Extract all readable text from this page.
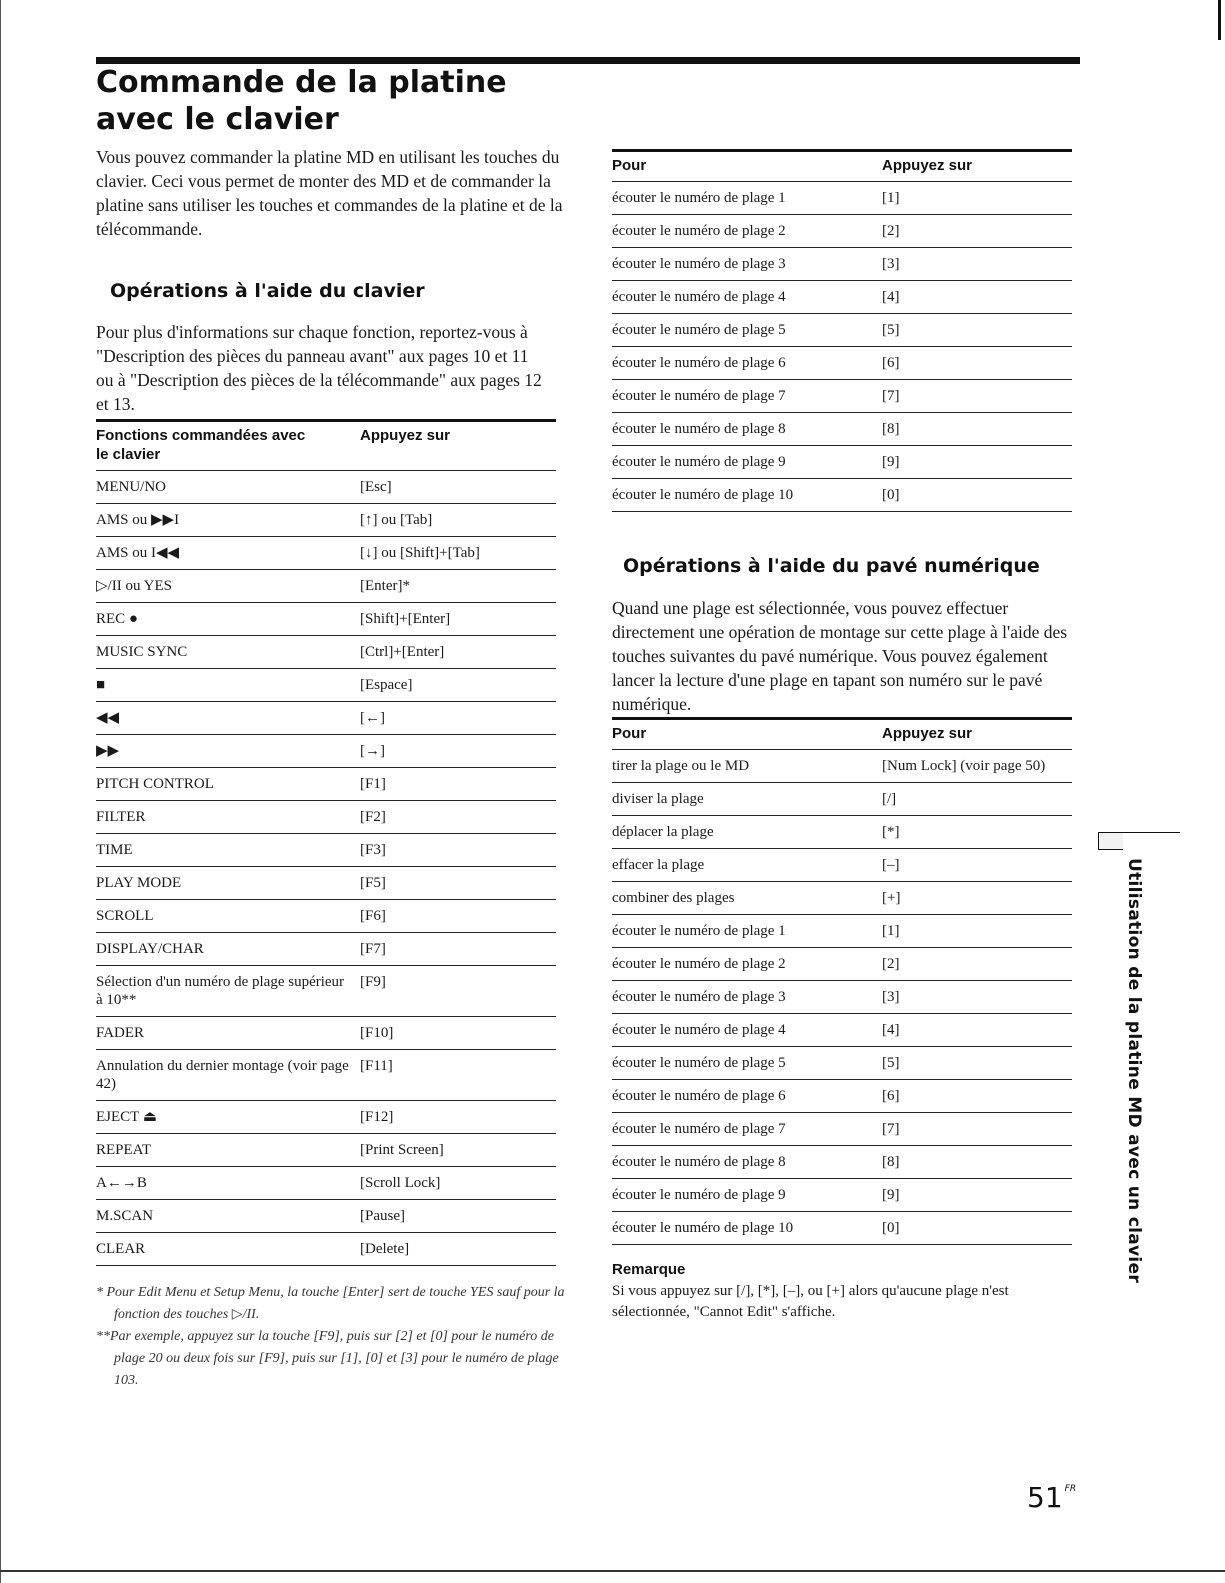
Commande de la platine
avec le clavier

Vous pouvez commander la platine MD en utilisant les touches du clavier. Ceci vous permet de monter des MD et de commander la platine sans utiliser les touches et commandes de la platine et de la télécommande.

Opérations à l'aide du clavier

Pour plus d'informations sur chaque fonction, reportez-vous à "Description des pièces du panneau avant" aux pages 10 et 11 ou à "Description des pièces de la télécommande" aux pages 12 et 13.

Fonctions commandées avec le clavier	Appuyez sur
MENU/NO	[Esc]
AMS ou ▶▶I	[↑] ou [Tab]
AMS ou I◀◀	[↓] ou [Shift]+[Tab]
▷/II ou YES	[Enter]*
REC ●	[Shift]+[Enter]
MUSIC SYNC	[Ctrl]+[Enter]
■	[Espace]
◀◀	[←]
▶▶	[→]
PITCH CONTROL	[F1]
FILTER	[F2]
TIME	[F3]
PLAY MODE	[F5]
SCROLL	[F6]
DISPLAY/CHAR	[F7]
Sélection d'un numéro de plage supérieur à 10**	[F9]
FADER	[F10]
Annulation du dernier montage (voir page 42)	[F11]
EJECT ⏏	[F12]
REPEAT	[Print Screen]
A←→B	[Scroll Lock]
M.SCAN	[Pause]
CLEAR	[Delete]

* Pour Edit Menu et Setup Menu, la touche [Enter] sert de touche YES sauf pour la fonction des touches ▷/II.

**Par exemple, appuyez sur la touche [F9], puis sur [2] et [0] pour le numéro de plage 20 ou deux fois sur [F9], puis sur [1], [0] et [3] pour le numéro de plage 103.

Pour	Appuyez sur
écouter le numéro de plage 1	[1]
écouter le numéro de plage 2	[2]
écouter le numéro de plage 3	[3]
écouter le numéro de plage 4	[4]
écouter le numéro de plage 5	[5]
écouter le numéro de plage 6	[6]
écouter le numéro de plage 7	[7]
écouter le numéro de plage 8	[8]
écouter le numéro de plage 9	[9]
écouter le numéro de plage 10	[0]
Opérations à l'aide du pavé numérique

Quand une plage est sélectionnée, vous pouvez effectuer directement une opération de montage sur cette plage à l'aide des touches suivantes du pavé numérique. Vous pouvez également lancer la lecture d'une plage en tapant son numéro sur le pavé numérique.

Pour	Appuyez sur
tirer la plage ou le MD	[Num Lock] (voir page 50)
diviser la plage	[/]
déplacer la plage	[*]
effacer la plage	[–]
combiner des plages	[+]
écouter le numéro de plage 1	[1]
écouter le numéro de plage 2	[2]
écouter le numéro de plage 3	[3]
écouter le numéro de plage 4	[4]
écouter le numéro de plage 5	[5]
écouter le numéro de plage 6	[6]
écouter le numéro de plage 7	[7]
écouter le numéro de plage 8	[8]
écouter le numéro de plage 9	[9]
écouter le numéro de plage 10	[0]

Remarque

Si vous appuyez sur [/], [*], [–], ou [+] alors qu'aucune plage n'est sélectionnée, "Cannot Edit" s'affiche.

Utilisation de la platine MD avec un clavier
51 $^{FR}$
